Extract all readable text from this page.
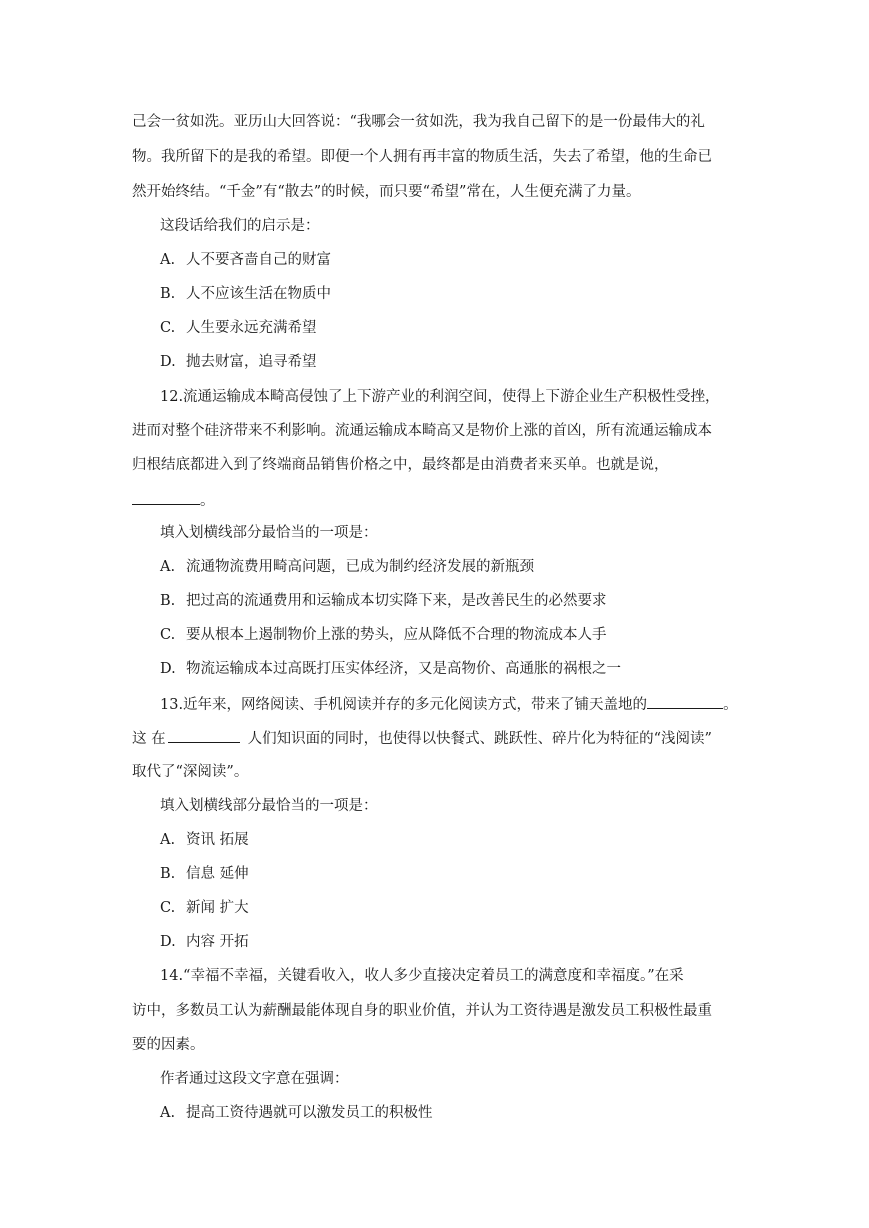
己会一贫如洗。亚历山大回答说：“我哪会一贫如洗，我为我自己留下的是一份最伟大的礼
物。我所留下的是我的希望。即便一个人拥有再丰富的物质生活，失去了希望，他的生命已
然开始终结。“千金”有“散去”的时候，而只要“希望”常在，人生便充满了力量。
这段话给我们的启示是：
A. 人不要吝啬自己的财富
B. 人不应该生活在物质中
C. 人生要永远充满希望
D. 抛去财富，追寻希望
12.流通运输成本畸高侵蚀了上下游产业的利润空间，使得上下游企业生产积极性受挫，
进而对整个硅济带来不利影响。流通运输成本畸高又是物价上涨的首凶，所有流通运输成本
归根结底都进入到了终端商品销售价格之中，最终都是由消费者来买单。也就是说，
。
填入划横线部分最恰当的一项是：
A. 流通物流费用畸高问题，已成为制约经济发展的新瓶颈
B. 把过高的流通费用和运输成本切实降下来，是改善民生的必然要求
C. 要从根本上遏制物价上涨的势头，应从降低不合理的物流成本人手
D. 物流运输成本过高既打压实体经济，又是高物价、高通胀的祸根之一
13.近年来，网络阅读、手机阅读并存的多元化阅读方式，带来了铺天盖地的	。
这 在	人们知识面的同时，也使得以快餐式、跳跃性、碎片化为特征的“浅阅读”
取代了“深阅读”。
填入划横线部分最恰当的一项是：
A. 资讯 拓展
B. 信息 延伸
C. 新闻 扩大
D. 内容 开拓
14.“幸福不幸福，关键看收入，收人多少直接决定着员工的满意度和幸福度。”在采
访中，多数员工认为薪酬最能体现自身的职业价值，并认为工资待遇是激发员工积极性最重
要的因素。
作者通过这段文字意在强调：
A. 提高工资待遇就可以激发员工的积极性
